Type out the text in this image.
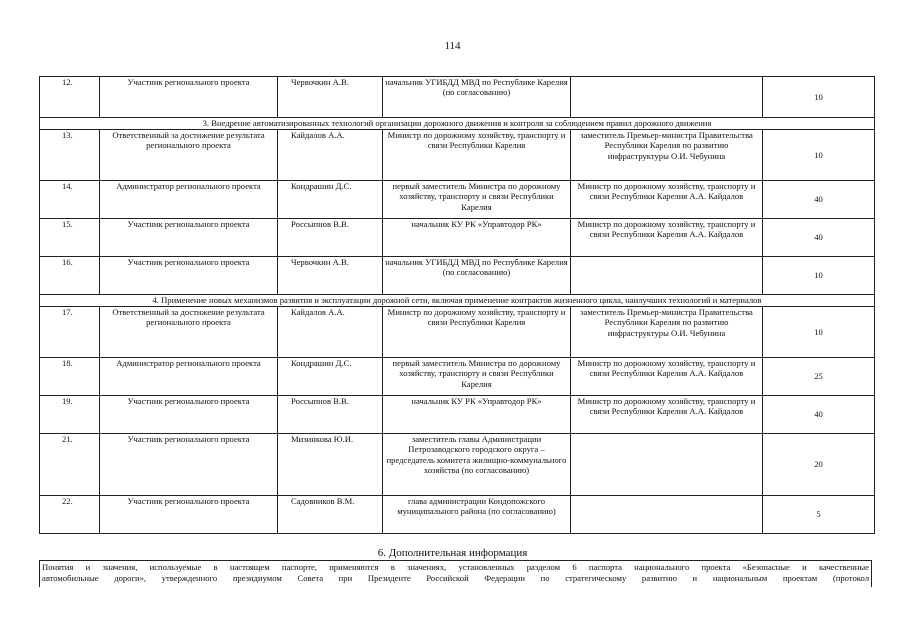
114
12.	Участник регионального проекта	Червочкин А.В.	начальник УГИБДД МВД по Республике Карелия (по согласованию)		10
3. Внедрение автоматизированных технологий организации дорожного движения и контроля за соблюдением правил дорожного движения					
13.	Ответственный за достижение результата регионального проекта	Кайдалов А.А.	Министр по дорожному хозяйству, транспорту и связи Республики Карелия	заместитель Премьер-министра Правительства Республики Карелия по развитию инфраструктуры О.И. Чебунина	10
14.	Администратор регионального проекта	Кондрашин Д.С.	первый заместитель Министра по дорожному хозяйству, транспорту и связи Республики Карелия	Министр по дорожному хозяйству, транспорту и связи Республики Карелия А.А. Кайдалов	40
15.	Участник регионального проекта	Россыпнов В.В.	начальник КУ РК «Управтодор РК»	Министр по дорожному хозяйству, транспорту и связи Республики Карелия А.А. Кайдалов	40
16.	Участник регионального проекта	Червочкин А.В.	начальник УГИБДД МВД по Республике Карелия (по согласованию)		10
4. Применение новых механизмов развития и эксплуатации дорожной сети, включая применение контрактов жизненного цикла, наилучших технологий и материалов					
17.	Ответственный за достижение результата регионального проекта	Кайдалов А.А.	Министр по дорожному хозяйству, транспорту и связи Республики Карелия	заместитель Премьер-министра Правительства Республики Карелия по развитию инфраструктуры О.И. Чебунина	10
18.	Администратор регионального проекта	Кондрашин Д.С.	первый заместитель Министра по дорожному хозяйству, транспорту и связи Республики Карелия	Министр по дорожному хозяйству, транспорту и связи Республики Карелия А.А. Кайдалов	25
19.	Участник регионального проекта	Россыпнов В.В.	начальник КУ РК «Управтодор РК»	Министр по дорожному хозяйству, транспорту и связи Республики Карелия А.А. Кайдалов	40
21.	Участник регионального проекта	Мизинкова Ю.И.	заместитель главы Администрации Петрозаводского городского округа – председатель комитета жилищно-коммунального хозяйства (по согласованию)		20
22.	Участник регионального проекта	Садовников В.М.	глава администрации Кондопожского муниципального района (по согласованию)		5
6. Дополнительная информация
Понятия и значения, используемые в настоящем паспорте, применяются в значениях, установленных разделом 6 паспорта национального проекта «Безопасные и качественные
автомобильные дороги», утвержденного президиумом Совета при Президенте Российской Федерации по стратегическому развитию и национальным проектам (протокол
